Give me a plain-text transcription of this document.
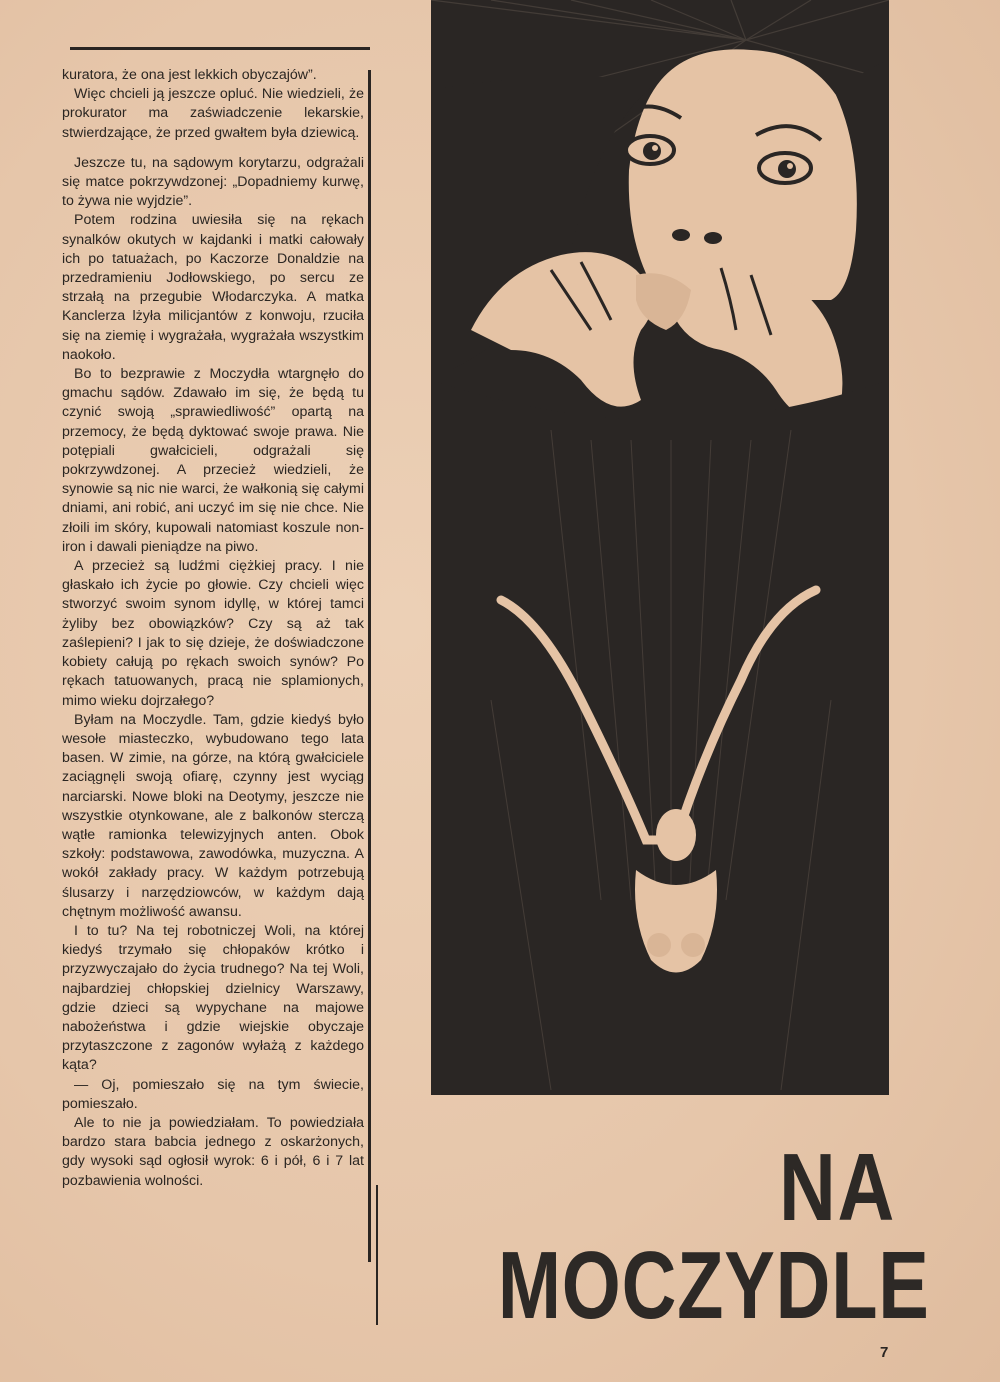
kuratora, że ona jest lekkich obyczajów”.

Więc chcieli ją jeszcze opluć. Nie wiedzieli, że prokurator ma zaświadczenie lekarskie, stwierdzające, że przed gwałtem była dziewicą.

Jeszcze tu, na sądowym korytarzu, odgrażali się matce pokrzywdzonej: „Dopadniemy kurwę, to żywa nie wyjdzie”.

Potem rodzina uwiesiła się na rękach synalków okutych w kajdanki i matki całowały ich po tatuażach, po Kaczorze Donaldzie na przedramieniu Jodłowskiego, po sercu ze strzałą na przegubie Włodarczyka. A matka Kanclerza lżyła milicjantów z konwoju, rzuciła się na ziemię i wygrażała, wygrażała wszystkim naokoło.

Bo to bezprawie z Moczydła wtargnęło do gmachu sądów. Zdawało im się, że będą tu czynić swoją „sprawiedliwość” opartą na przemocy, że będą dyktować swoje prawa. Nie potępiali gwałcicieli, odgrażali się pokrzywdzonej. A przecież wiedzieli, że synowie są nic nie warci, że wałkonią się całymi dniami, ani robić, ani uczyć im się nie chce. Nie złoili im skóry, kupowali natomiast koszule non-iron i dawali pieniądze na piwo.

A przecież są ludźmi ciężkiej pracy. I nie głaskało ich życie po głowie. Czy chcieli więc stworzyć swoim synom idyllę, w której tamci żyliby bez obowiązków? Czy są aż tak zaślepieni? I jak to się dzieje, że doświadczone kobiety całują po rękach swoich synów? Po rękach tatuowanych, pracą nie splamionych, mimo wieku dojrzałego?

Byłam na Moczydle. Tam, gdzie kiedyś było wesołe miasteczko, wybudowano tego lata basen. W zimie, na górze, na którą gwałciciele zaciągnęli swoją ofiarę, czynny jest wyciąg narciarski. Nowe bloki na Deotymy, jeszcze nie wszystkie otynkowane, ale z balkonów sterczą wątłe ramionka telewizyjnych anten. Obok szkoły: podstawowa, zawodówka, muzyczna. A wokół zakłady pracy. W każdym potrzebują ślusarzy i narzędziowców, w każdym dają chętnym możliwość awansu.

I to tu? Na tej robotniczej Woli, na której kiedyś trzymało się chłopaków krótko i przyzwyczajało do życia trudnego? Na tej Woli, najbardziej chłopskiej dzielnicy Warszawy, gdzie dzieci są wypychane na majowe nabożeństwa i gdzie wiejskie obyczaje przytaszczone z zagonów wyłażą z każdego kąta?

— Oj, pomieszało się na tym świecie, pomieszało.

Ale to nie ja powiedziałam. To powiedziała bardzo stara babcia jednego z oskarżonych, gdy wysoki sąd ogłosił wyrok: 6 i pół, 6 i 7 lat pozbawienia wolności.	NA
MOCZYDLE
7
